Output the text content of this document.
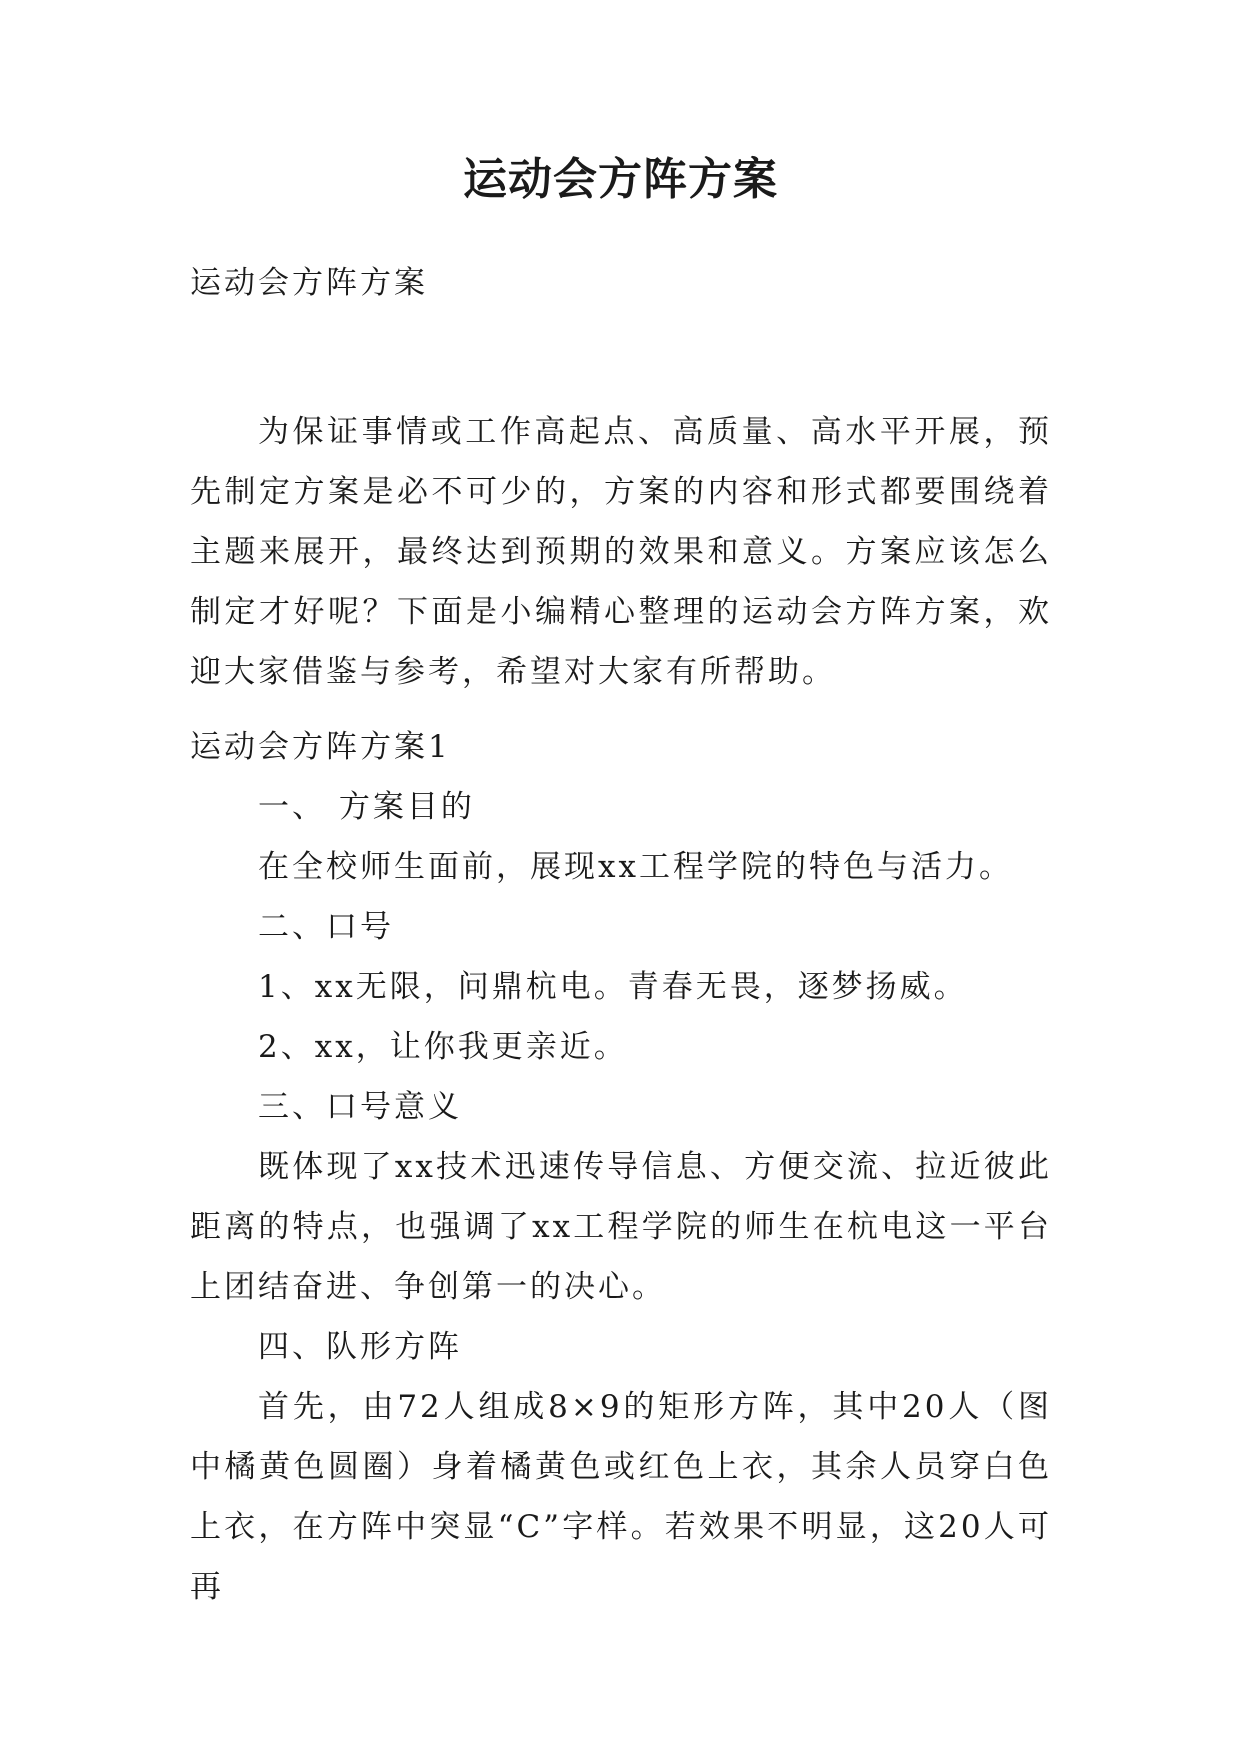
运动会方阵方案

运动会方阵方案

为保证事情或工作高起点、高质量、高水平开展，预先制定方案是必不可少的，方案的内容和形式都要围绕着主题来展开，最终达到预期的效果和意义。方案应该怎么制定才好呢？下面是小编精心整理的运动会方阵方案，欢迎大家借鉴与参考，希望对大家有所帮助。

运动会方阵方案1

一、 方案目的

在全校师生面前，展现xx工程学院的特色与活力。

二、口号

1、xx无限，问鼎杭电。青春无畏，逐梦扬威。

2、xx，让你我更亲近。

三、口号意义

既体现了xx技术迅速传导信息、方便交流、拉近彼此距离的特点，也强调了xx工程学院的师生在杭电这一平台上团结奋进、争创第一的决心。

四、队形方阵

首先，由72人组成8×9的矩形方阵，其中20人（图中橘黄色圆圈）身着橘黄色或红色上衣，其余人员穿白色上衣，在方阵中突显“C”字样。若效果不明显，这20人可再
